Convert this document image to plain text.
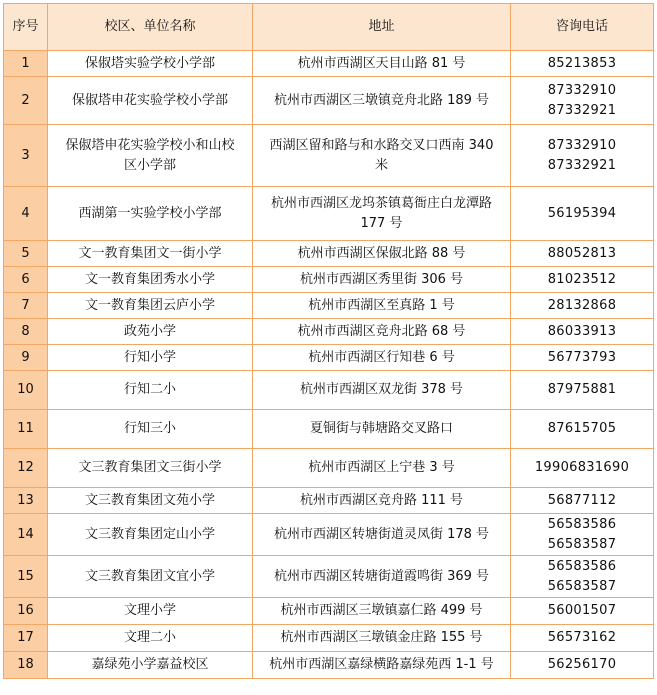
序号	校区、单位名称	地址	咨询电话
1	保俶塔实验学校小学部	杭州市西湖区天目山路 81 号	85213853

2	保俶塔申花实验学校小学部	杭州市西湖区三墩镇竞舟北路 189 号	87332910
87332921

3	保俶塔申花实验学校小和山校
区小学部	西湖区留和路与和水路交叉口西南 340
米	87332910
87332921

4	西湖第一实验学校小学部	杭州市西湖区龙坞茶镇葛衙庄白龙潭路
177 号	56195394

5	文一教育集团文一街小学	杭州市西湖区保俶北路 88 号	88052813

6	文一教育集团秀水小学	杭州市西湖区秀里街 306 号	81023512

7	文一教育集团云庐小学	杭州市西湖区至真路 1 号	28132868

8	政苑小学	杭州市西湖区竞舟北路 68 号	86033913

9	行知小学	杭州市西湖区行知巷 6 号	56773793

10	行知二小	杭州市西湖区双龙街 378 号	87975881

11	行知三小	夏铜街与韩塘路交叉路口	87615705

12	文三教育集团文三街小学	杭州市西湖区上宁巷 3 号	19906831690

13	文三教育集团文苑小学	杭州市西湖区竞舟路 111 号	56877112

14	文三教育集团定山小学	杭州市西湖区转塘街道灵凤街 178 号	56583586
56583587

15	文三教育集团文宜小学	杭州市西湖区转塘街道霞鸣街 369 号	56583586
56583587

16	文理小学	杭州市西湖区三墩镇嘉仁路 499 号	56001507

17	文理二小	杭州市西湖区三墩镇金庄路 155 号	56573162

18	嘉绿苑小学嘉益校区	杭州市西湖区嘉绿横路嘉绿苑西 1-1 号	56256170
